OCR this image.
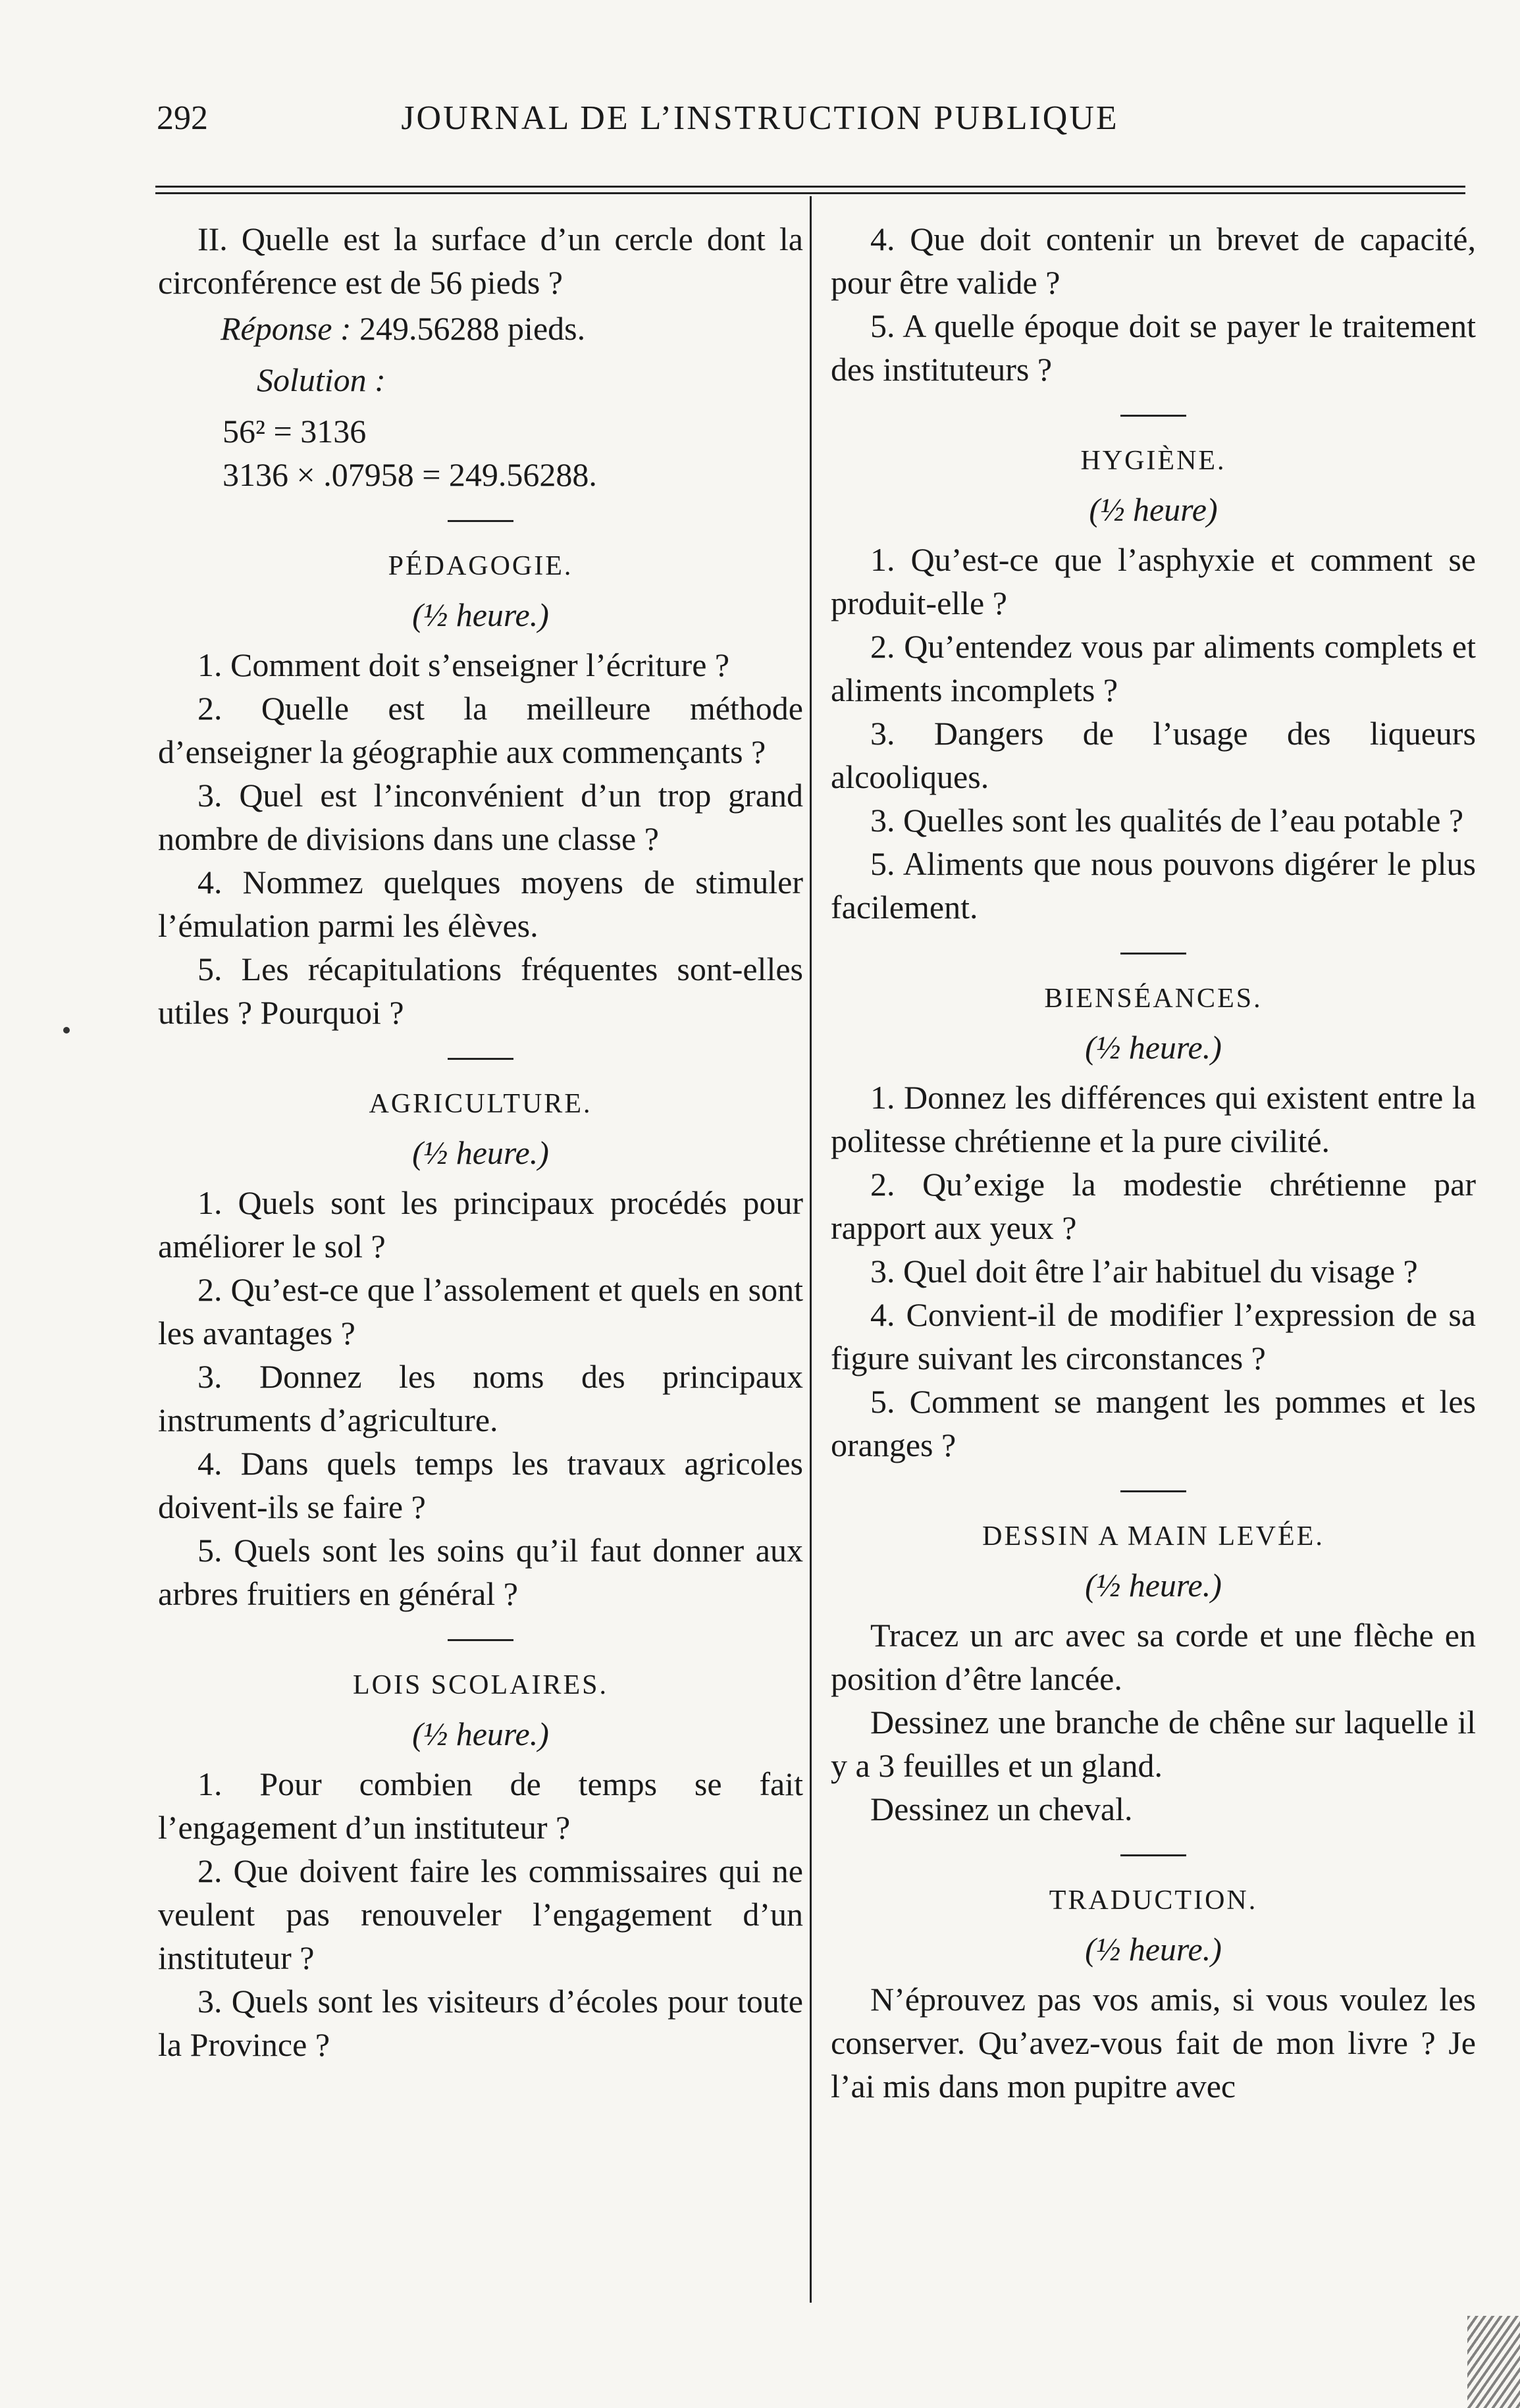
JOURNAL DE L’INSTRUCTION PUBLIQUE
292

II. Quelle est la surface d’un cercle dont la circonférence est de 56 pieds ?

Réponse : 249.56288 pieds.

Solution :

56² = 3136

3136 × .07958 = 249.56288.

PÉDAGOGIE.

(½ heure.)

1. Comment doit s’enseigner l’écriture ?

2. Quelle est la meilleure méthode d’enseigner la géographie aux commençants ?

3. Quel est l’inconvénient d’un trop grand nombre de divisions dans une classe ?

4. Nommez quelques moyens de stimuler l’émulation parmi les élèves.

5. Les récapitulations fréquentes sont-elles utiles ? Pourquoi ?

AGRICULTURE.

(½ heure.)

1. Quels sont les principaux procédés pour améliorer le sol ?

2. Qu’est-ce que l’assolement et quels en sont les avantages ?

3. Donnez les noms des principaux instruments d’agriculture.

4. Dans quels temps les travaux agricoles doivent-ils se faire ?

5. Quels sont les soins qu’il faut donner aux arbres fruitiers en général ?

LOIS SCOLAIRES.

(½ heure.)

1. Pour combien de temps se fait l’engagement d’un instituteur ?

2. Que doivent faire les commissaires qui ne veulent pas renouveler l’engagement d’un instituteur ?

3. Quels sont les visiteurs d’écoles pour toute la Province ?

4. Que doit contenir un brevet de capacité, pour être valide ?

5. A quelle époque doit se payer le traitement des instituteurs ?

HYGIÈNE.

(½ heure)

1. Qu’est-ce que l’asphyxie et comment se produit-elle ?

2. Qu’entendez vous par aliments complets et aliments incomplets ?

3. Dangers de l’usage des liqueurs alcooliques.

3. Quelles sont les qualités de l’eau potable ?

5. Aliments que nous pouvons digérer le plus facilement.

BIENSÉANCES.

(½ heure.)

1. Donnez les différences qui existent entre la politesse chrétienne et la pure civilité.

2. Qu’exige la modestie chrétienne par rapport aux yeux ?

3. Quel doit être l’air habituel du visage ?

4. Convient-il de modifier l’expression de sa figure suivant les circonstances ?

5. Comment se mangent les pommes et les oranges ?

DESSIN A MAIN LEVÉE.

(½ heure.)

Tracez un arc avec sa corde et une flèche en position d’être lancée.

Dessinez une branche de chêne sur laquelle il y a 3 feuilles et un gland.

Dessinez un cheval.

TRADUCTION.

(½ heure.)

N’éprouvez pas vos amis, si vous voulez les conserver. Qu’avez-vous fait de mon livre ? Je l’ai mis dans mon pupitre avec
